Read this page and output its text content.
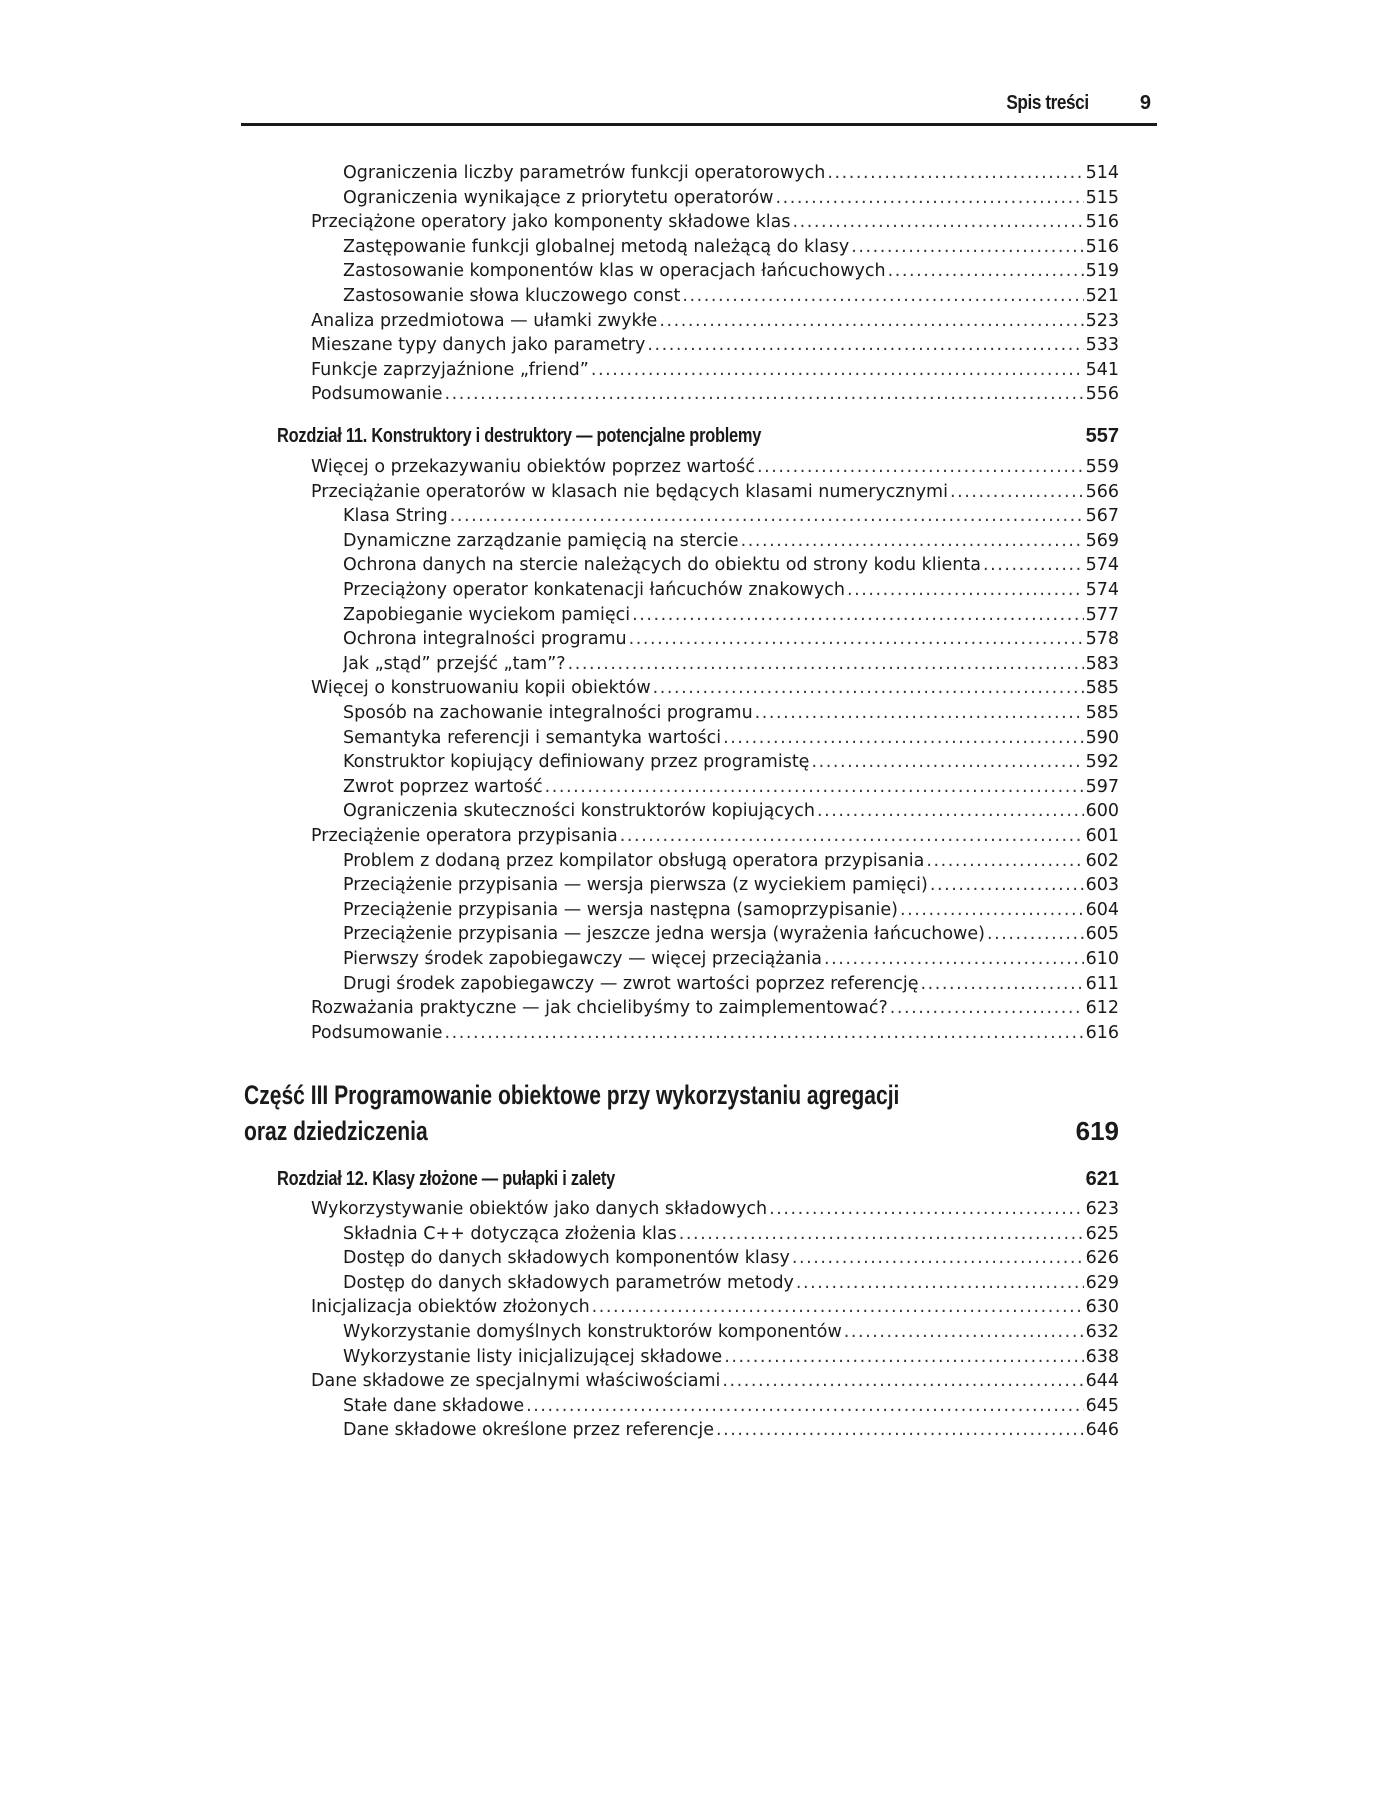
Spis treści	9
Ograniczenia liczby parametrów funkcji operatorowych . . .	514
Ograniczenia wynikające z priorytetu operatorów . . .	515
Przeciążone operatory jako komponenty składowe klas . . .	516
Zastępowanie funkcji globalnej metodą należącą do klasy . . .	516
Zastosowanie komponentów klas w operacjach łańcuchowych . . .	519
Zastosowanie słowa kluczowego const . . .	521
Analiza przedmiotowa — ułamki zwykłe . . .	523
Mieszane typy danych jako parametry . . .	533
Funkcje zaprzyjaźnione „friend” . . .	541
Podsumowanie . . .	556
Rozdział 11. Konstruktory i destruktory — potencjalne problemy	557
Więcej o przekazywaniu obiektów poprzez wartość . . .	559
Przeciążanie operatorów w klasach nie będących klasami numerycznymi . . .	566
Klasa String . . .	567
Dynamiczne zarządzanie pamięcią na stercie . . .	569
Ochrona danych na stercie należących do obiektu od strony kodu klienta . . .	574
Przeciążony operator konkatenacji łańcuchów znakowych . . .	574
Zapobieganie wyciekom pamięci . . .	577
Ochrona integralności programu . . .	578
Jak „stąd” przejść „tam”? . . .	583
Więcej o konstruowaniu kopii obiektów . . .	585
Sposób na zachowanie integralności programu . . .	585
Semantyka referencji i semantyka wartości . . .	590
Konstruktor kopiujący definiowany przez programistę . . .	592
Zwrot poprzez wartość . . .	597
Ograniczenia skuteczności konstruktorów kopiujących . . .	600
Przeciążenie operatora przypisania . . .	601
Problem z dodaną przez kompilator obsługą operatora przypisania . . .	602
Przeciążenie przypisania — wersja pierwsza (z wyciekiem pamięci) . . .	603
Przeciążenie przypisania — wersja następna (samoprzypisanie) . . .	604
Przeciążenie przypisania — jeszcze jedna wersja (wyrażenia łańcuchowe) . . .	605
Pierwszy środek zapobiegawczy — więcej przeciążania . . .	610
Drugi środek zapobiegawczy — zwrot wartości poprzez referencję . . .	611
Rozważania praktyczne — jak chcielibyśmy to zaimplementować? . . .	612
Podsumowanie . . .	616
Część III Programowanie obiektowe przy wykorzystaniu agregacji
oraz dziedziczenia	619
Rozdział 12. Klasy złożone — pułapki i zalety	621
Wykorzystywanie obiektów jako danych składowych . . .	623
Składnia C++ dotycząca złożenia klas . . .	625
Dostęp do danych składowych komponentów klasy . . .	626
Dostęp do danych składowych parametrów metody . . .	629
Inicjalizacja obiektów złożonych . . .	630
Wykorzystanie domyślnych konstruktorów komponentów . . .	632
Wykorzystanie listy inicjalizującej składowe . . .	638
Dane składowe ze specjalnymi właściwościami . . .	644
Stałe dane składowe . . .	645
Dane składowe określone przez referencje . . .	646
